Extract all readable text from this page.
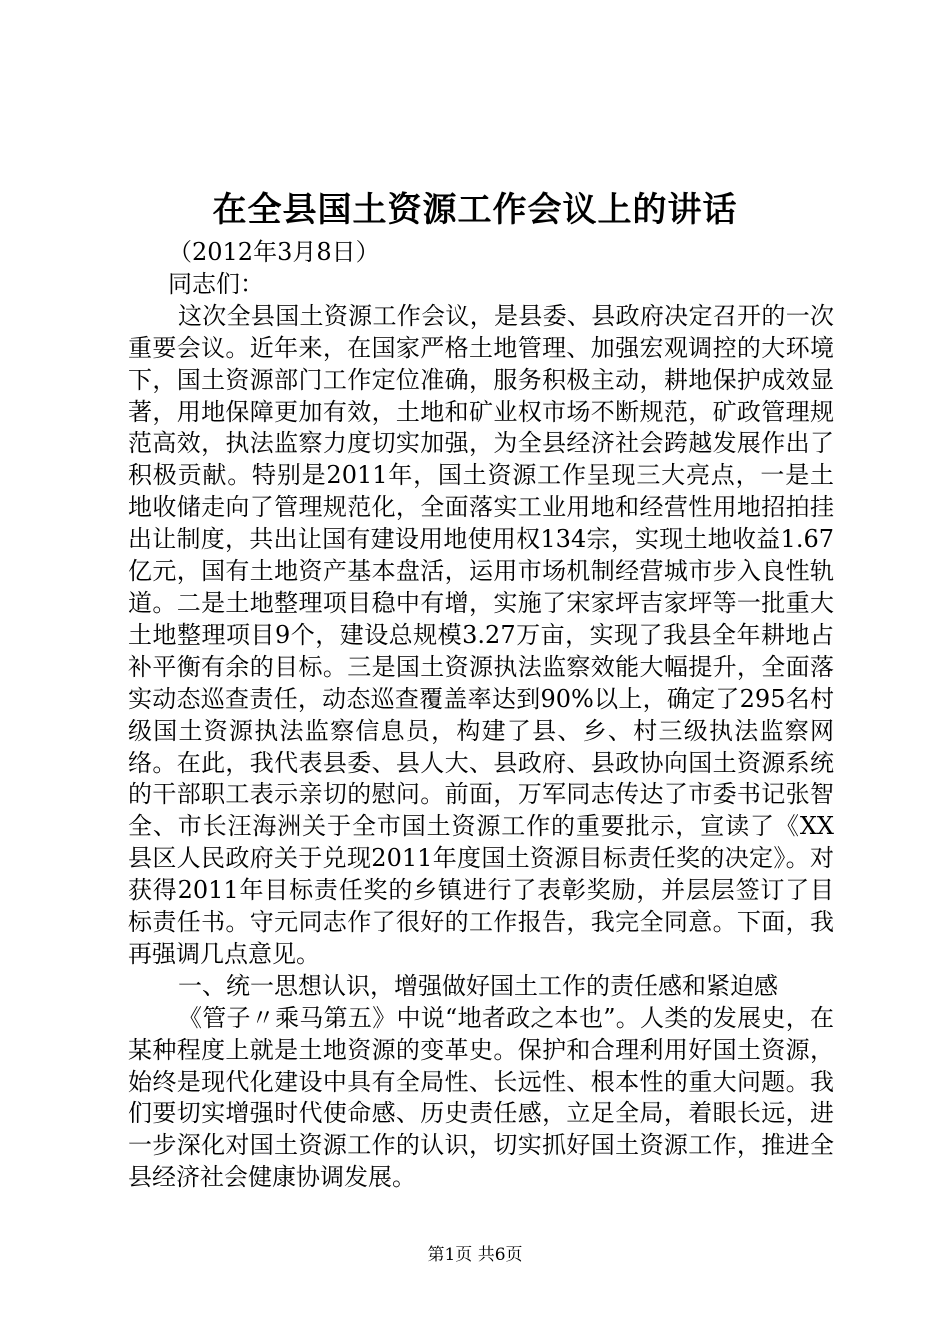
在全县国土资源工作会议上的讲话

（2012年3月8日）

同志们：

这次全县国土资源工作会议，是县委、县政府决定召开的一次重要会议。近年来，在国家严格土地管理、加强宏观调控的大环境下，国土资源部门工作定位准确，服务积极主动，耕地保护成效显著，用地保障更加有效，土地和矿业权市场不断规范，矿政管理规范高效，执法监察力度切实加强，为全县经济社会跨越发展作出了积极贡献。特别是2011年，国土资源工作呈现三大亮点，一是土地收储走向了管理规范化，全面落实工业用地和经营性用地招拍挂出让制度，共出让国有建设用地使用权134宗，实现土地收益1.67亿元，国有土地资产基本盘活，运用市场机制经营城市步入良性轨道。二是土地整理项目稳中有增，实施了宋家坪吉家坪等一批重大土地整理项目9个，建设总规模3.27万亩，实现了我县全年耕地占补平衡有余的目标。三是国土资源执法监察效能大幅提升，全面落实动态巡查责任，动态巡查覆盖率达到90%以上，确定了295名村级国土资源执法监察信息员，构建了县、乡、村三级执法监察网络。在此，我代表县委、县人大、县政府、县政协向国土资源系统的干部职工表示亲切的慰问。前面，万军同志传达了市委书记张智全、市长汪海洲关于全市国土资源工作的重要批示，宣读了《XX县区人民政府关于兑现2011年度国土资源目标责任奖的决定》。对获得2011年目标责任奖的乡镇进行了表彰奖励，并层层签订了目标责任书。守元同志作了很好的工作报告，我完全同意。下面，我再强调几点意见。

一、统一思想认识，增强做好国土工作的责任感和紧迫感

《管子〃乘马第五》中说“地者政之本也”。人类的发展史，在某种程度上就是土地资源的变革史。保护和合理利用好国土资源，始终是现代化建设中具有全局性、长远性、根本性的重大问题。我们要切实增强时代使命感、历史责任感，立足全局，着眼长远，进一步深化对国土资源工作的认识，切实抓好国土资源工作，推进全县经济社会健康协调发展。

第1页 共6页
